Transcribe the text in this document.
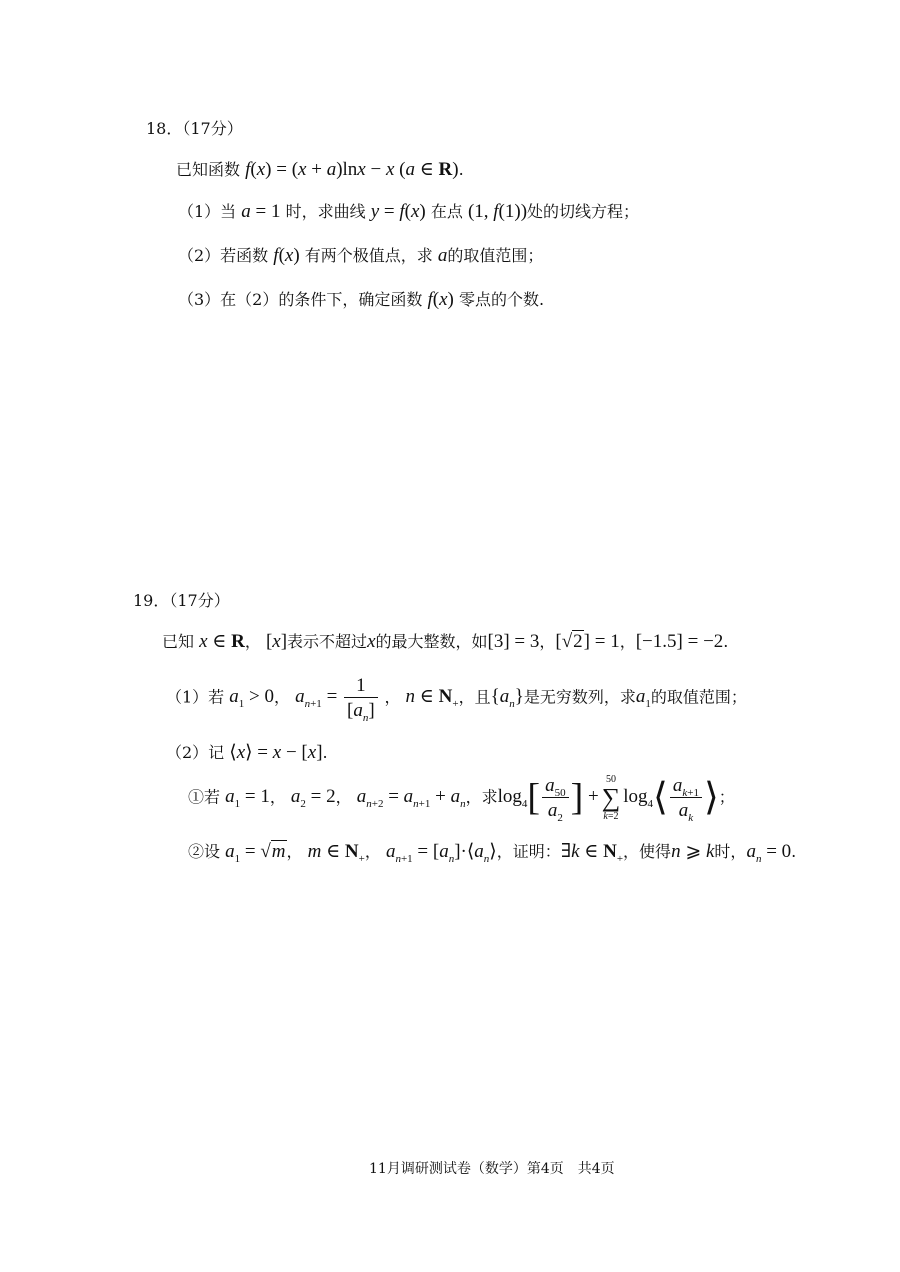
18．（17分）
已知函数 f(x) = (x + a)lnx − x (a ∈ R).
（1）当 a = 1 时，求曲线 y = f(x) 在点 (1, f(1))处的切线方程；
（2）若函数 f(x) 有两个极值点，求 a的取值范围；
（3）在（2）的条件下，确定函数 f(x) 零点的个数.
19．（17分）
已知 x ∈ R， [x]表示不超过x的最大整数，如[3] = 3，[√2] = 1，[−1.5] = −2.
（1）若 $a_1 > 0$， $a_{n+1} = \frac{1}{[a_n]}$ ， n ∈ $N_+$，且$\{a_n\}$是无穷数列，求$a_1$的取值范围；
（2）记 ⟨x⟩ = x − [x].
①若 $a_1 = 1$， $a_2 = 2$， $a_{n+2} = a_{n+1} + a_n$，求$\log_4[ \frac{a_{50}}{a_2}$ ] +
50
∑
k=2
$\log_4⟨ \frac{a_{k+1}}{a_k}$ ⟩；
②设 $a_1 = √m$， m ∈ $N_+$， $a_{n+1}$ = $[a_n]\cdot⟨a_n⟩$，证明：∃k ∈ $N_+$，使得n ⩾ k时，$a_n = 0$.
11月调研测试卷（数学）第4页　共4页
